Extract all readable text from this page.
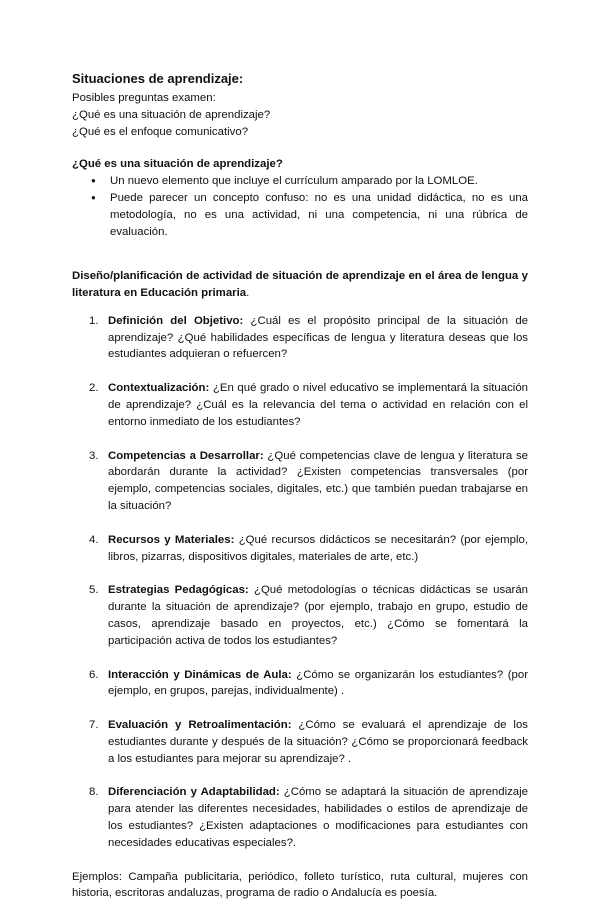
Situaciones de aprendizaje:

Posibles preguntas examen:

¿Qué es una situación de aprendizaje?

¿Qué es el enfoque comunicativo?

¿Qué es una situación de aprendizaje?

● Un nuevo elemento que incluye el currículum amparado por la LOMLOE.
● Puede parecer un concepto confuso: no es una unidad didáctica, no es una metodología, no es una actividad, ni una competencia, ni una rúbrica de evaluación.

Diseño/planificación de actividad de situación de aprendizaje en el área de lengua y literatura en Educación primaria.

1. Definición del Objetivo: ¿Cuál es el propósito principal de la situación de aprendizaje? ¿Qué habilidades específicas de lengua y literatura deseas que los estudiantes adquieran o refuercen?
2. Contextualización: ¿En qué grado o nivel educativo se implementará la situación de aprendizaje? ¿Cuál es la relevancia del tema o actividad en relación con el entorno inmediato de los estudiantes?
3. Competencias a Desarrollar: ¿Qué competencias clave de lengua y literatura se abordarán durante la actividad? ¿Existen competencias transversales (por ejemplo, competencias sociales, digitales, etc.) que también puedan trabajarse en la situación?
4. Recursos y Materiales: ¿Qué recursos didácticos se necesitarán? (por ejemplo, libros, pizarras, dispositivos digitales, materiales de arte, etc.)
5. Estrategias Pedagógicas: ¿Qué metodologías o técnicas didácticas se usarán durante la situación de aprendizaje? (por ejemplo, trabajo en grupo, estudio de casos, aprendizaje basado en proyectos, etc.) ¿Cómo se fomentará la participación activa de todos los estudiantes?
6. Interacción y Dinámicas de Aula: ¿Cómo se organizarán los estudiantes? (por ejemplo, en grupos, parejas, individualmente) .
7. Evaluación y Retroalimentación: ¿Cómo se evaluará el aprendizaje de los estudiantes durante y después de la situación? ¿Cómo se proporcionará feedback a los estudiantes para mejorar su aprendizaje? .
8. Diferenciación y Adaptabilidad: ¿Cómo se adaptará la situación de aprendizaje para atender las diferentes necesidades, habilidades o estilos de aprendizaje de los estudiantes? ¿Existen adaptaciones o modificaciones para estudiantes con necesidades educativas especiales?.

Ejemplos: Campaña publicitaria, periódico, folleto turístico, ruta cultural, mujeres con historia, escritoras andaluzas, programa de radio o Andalucía es poesía.
